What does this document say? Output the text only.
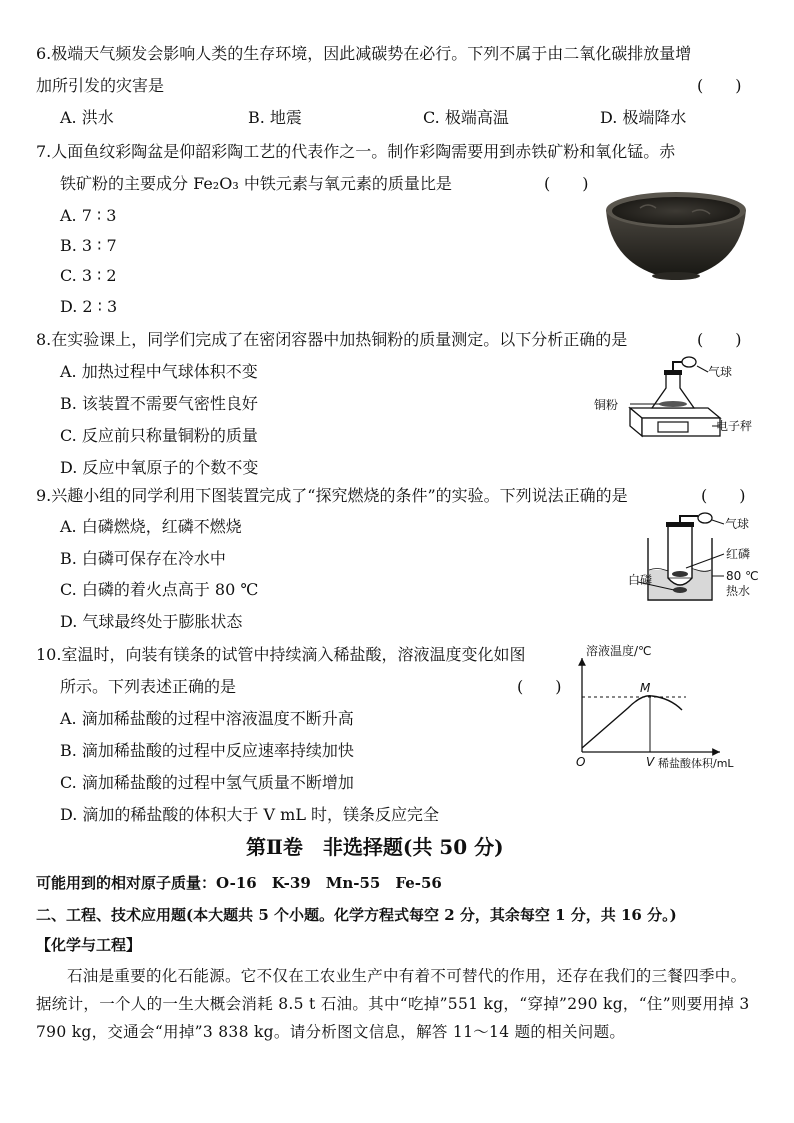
6.极端天气频发会影响人类的生存环境，因此减碳势在必行。下列不属于由二氧化碳排放量增
加所引发的灾害是	(　　)
A. 洪水	B. 地震	C. 极端高温	D. 极端降水
7.人面鱼纹彩陶盆是仰韶彩陶工艺的代表作之一。制作彩陶需要用到赤铁矿粉和氧化锰。赤
铁矿粉的主要成分 Fe₂O₃ 中铁元素与氧元素的质量比是	(　　)
A. 7 ∶ 3
B. 3 ∶ 7
C. 3 ∶ 2
D. 2 ∶ 3
8.在实验课上，同学们完成了在密闭容器中加热铜粉的质量测定。以下分析正确的是	(　　)
A. 加热过程中气球体积不变
B. 该装置不需要气密性良好
C. 反应前只称量铜粉的质量
D. 反应中氧原子的个数不变
气球
铜粉
电子秤
9.兴趣小组的同学利用下图装置完成了“探究燃烧的条件”的实验。下列说法正确的是	(　　)
A. 白磷燃烧，红磷不燃烧
B. 白磷可保存在冷水中
C. 白磷的着火点高于 80 ℃
D. 气球最终处于膨胀状态
气球
红磷
80 ℃
热水
白磷
10.室温时，向装有镁条的试管中持续滴入稀盐酸，溶液温度变化如图
所示。下列表述正确的是	(　　)
A. 滴加稀盐酸的过程中溶液温度不断升高
B. 滴加稀盐酸的过程中反应速率持续加快
C. 滴加稀盐酸的过程中氢气质量不断增加
D. 滴加的稀盐酸的体积大于 V mL 时，镁条反应完全
溶液温度/℃
M
O	V 稀盐酸体积/mL
第Ⅱ卷　非选择题(共 50 分)
可能用到的相对原子质量：O-16　K-39　Mn-55　Fe-56
二、工程、技术应用题(本大题共 5 个小题。化学方程式每空 2 分，其余每空 1 分，共 16 分。)
【化学与工程】
石油是重要的化石能源。它不仅在工农业生产中有着不可替代的作用，还存在我们的三餐四季中。据统计，一个人的一生大概会消耗 8.5 t 石油。其中“吃掉”551 kg，“穿掉”290 kg，“住”则要用掉 3 790 kg，交通会“用掉”3 838 kg。请分析图文信息，解答 11～14 题的相关问题。
